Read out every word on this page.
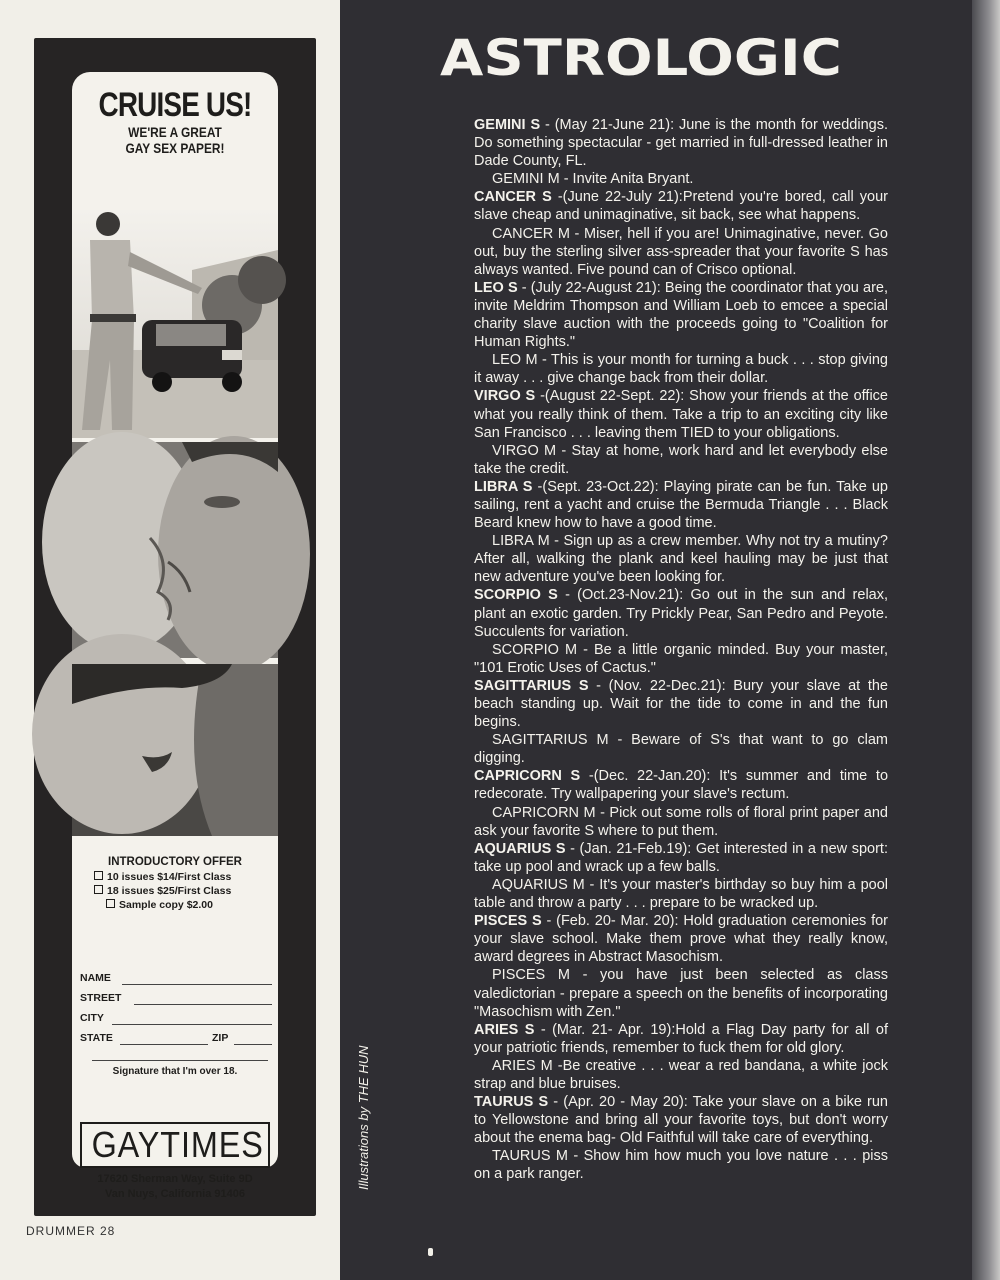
CRUISE US!
WE'RE A GREAT
GAY SEX PAPER!
INTRODUCTORY OFFER
10 issues $14/First Class
18 issues $25/First Class
Sample copy $2.00
NAME
STREET
CITY
STATE	ZIP
Signature that I'm over 18.
GAYTIMES
17620 Sherman Way, Suite 9D
Van Nuys, California 91406
DRUMMER 28
ASTROLOGIC
Illustrations by THE HUN

GEMINI S - (May 21-June 21): June is the month for weddings. Do something spectacular - get married in full-dressed leather in Dade County, FL.

GEMINI M - Invite Anita Bryant.

CANCER S -(June 22-July 21):Pretend you're bored, call your slave cheap and unimaginative, sit back, see what happens.

CANCER M - Miser, hell if you are! Unimaginative, never. Go out, buy the sterling silver ass-spreader that your favorite S has always wanted. Five pound can of Crisco optional.

LEO S - (July 22-August 21): Being the coordinator that you are, invite Meldrim Thompson and William Loeb to emcee a special charity slave auction with the proceeds going to "Coalition for Human Rights."

LEO M - This is your month for turning a buck . . . stop giving it away . . . give change back from their dollar.

VIRGO S -(August 22-Sept. 22): Show your friends at the office what you really think of them. Take a trip to an exciting city like San Francisco . . . leaving them TIED to your obligations.

VIRGO M - Stay at home, work hard and let everybody else take the credit.

LIBRA S -(Sept. 23-Oct.22): Playing pirate can be fun. Take up sailing, rent a yacht and cruise the Bermuda Triangle . . . Black Beard knew how to have a good time.

LIBRA M - Sign up as a crew member. Why not try a mutiny? After all, walking the plank and keel hauling may be just that new adventure you've been looking for.

SCORPIO S - (Oct.23-Nov.21): Go out in the sun and relax, plant an exotic garden. Try Prickly Pear, San Pedro and Peyote. Succulents for variation.

SCORPIO M - Be a little organic minded. Buy your master, "101 Erotic Uses of Cactus."

SAGITTARIUS S - (Nov. 22-Dec.21): Bury your slave at the beach standing up. Wait for the tide to come in and the fun begins.

SAGITTARIUS M - Beware of S's that want to go clam digging.

CAPRICORN S -(Dec. 22-Jan.20): It's summer and time to redecorate. Try wallpapering your slave's rectum.

CAPRICORN M - Pick out some rolls of floral print paper and ask your favorite S where to put them.

AQUARIUS S - (Jan. 21-Feb.19): Get interested in a new sport: take up pool and wrack up a few balls.

AQUARIUS M - It's your master's birthday so buy him a pool table and throw a party . . . prepare to be wracked up.

PISCES S - (Feb. 20- Mar. 20): Hold graduation ceremonies for your slave school. Make them prove what they really know, award degrees in Abstract Masochism.

PISCES M - you have just been selected as class valedictorian - prepare a speech on the benefits of incorporating "Masochism with Zen."

ARIES S - (Mar. 21- Apr. 19):Hold a Flag Day party for all of your patriotic friends, remember to fuck them for old glory.

ARIES M -Be creative . . . wear a red bandana, a white jock strap and blue bruises.

TAURUS S - (Apr. 20 - May 20): Take your slave on a bike run to Yellowstone and bring all your favorite toys, but don't worry about the enema bag- Old Faithful will take care of everything.

TAURUS M - Show him how much you love nature . . . piss on a park ranger.
